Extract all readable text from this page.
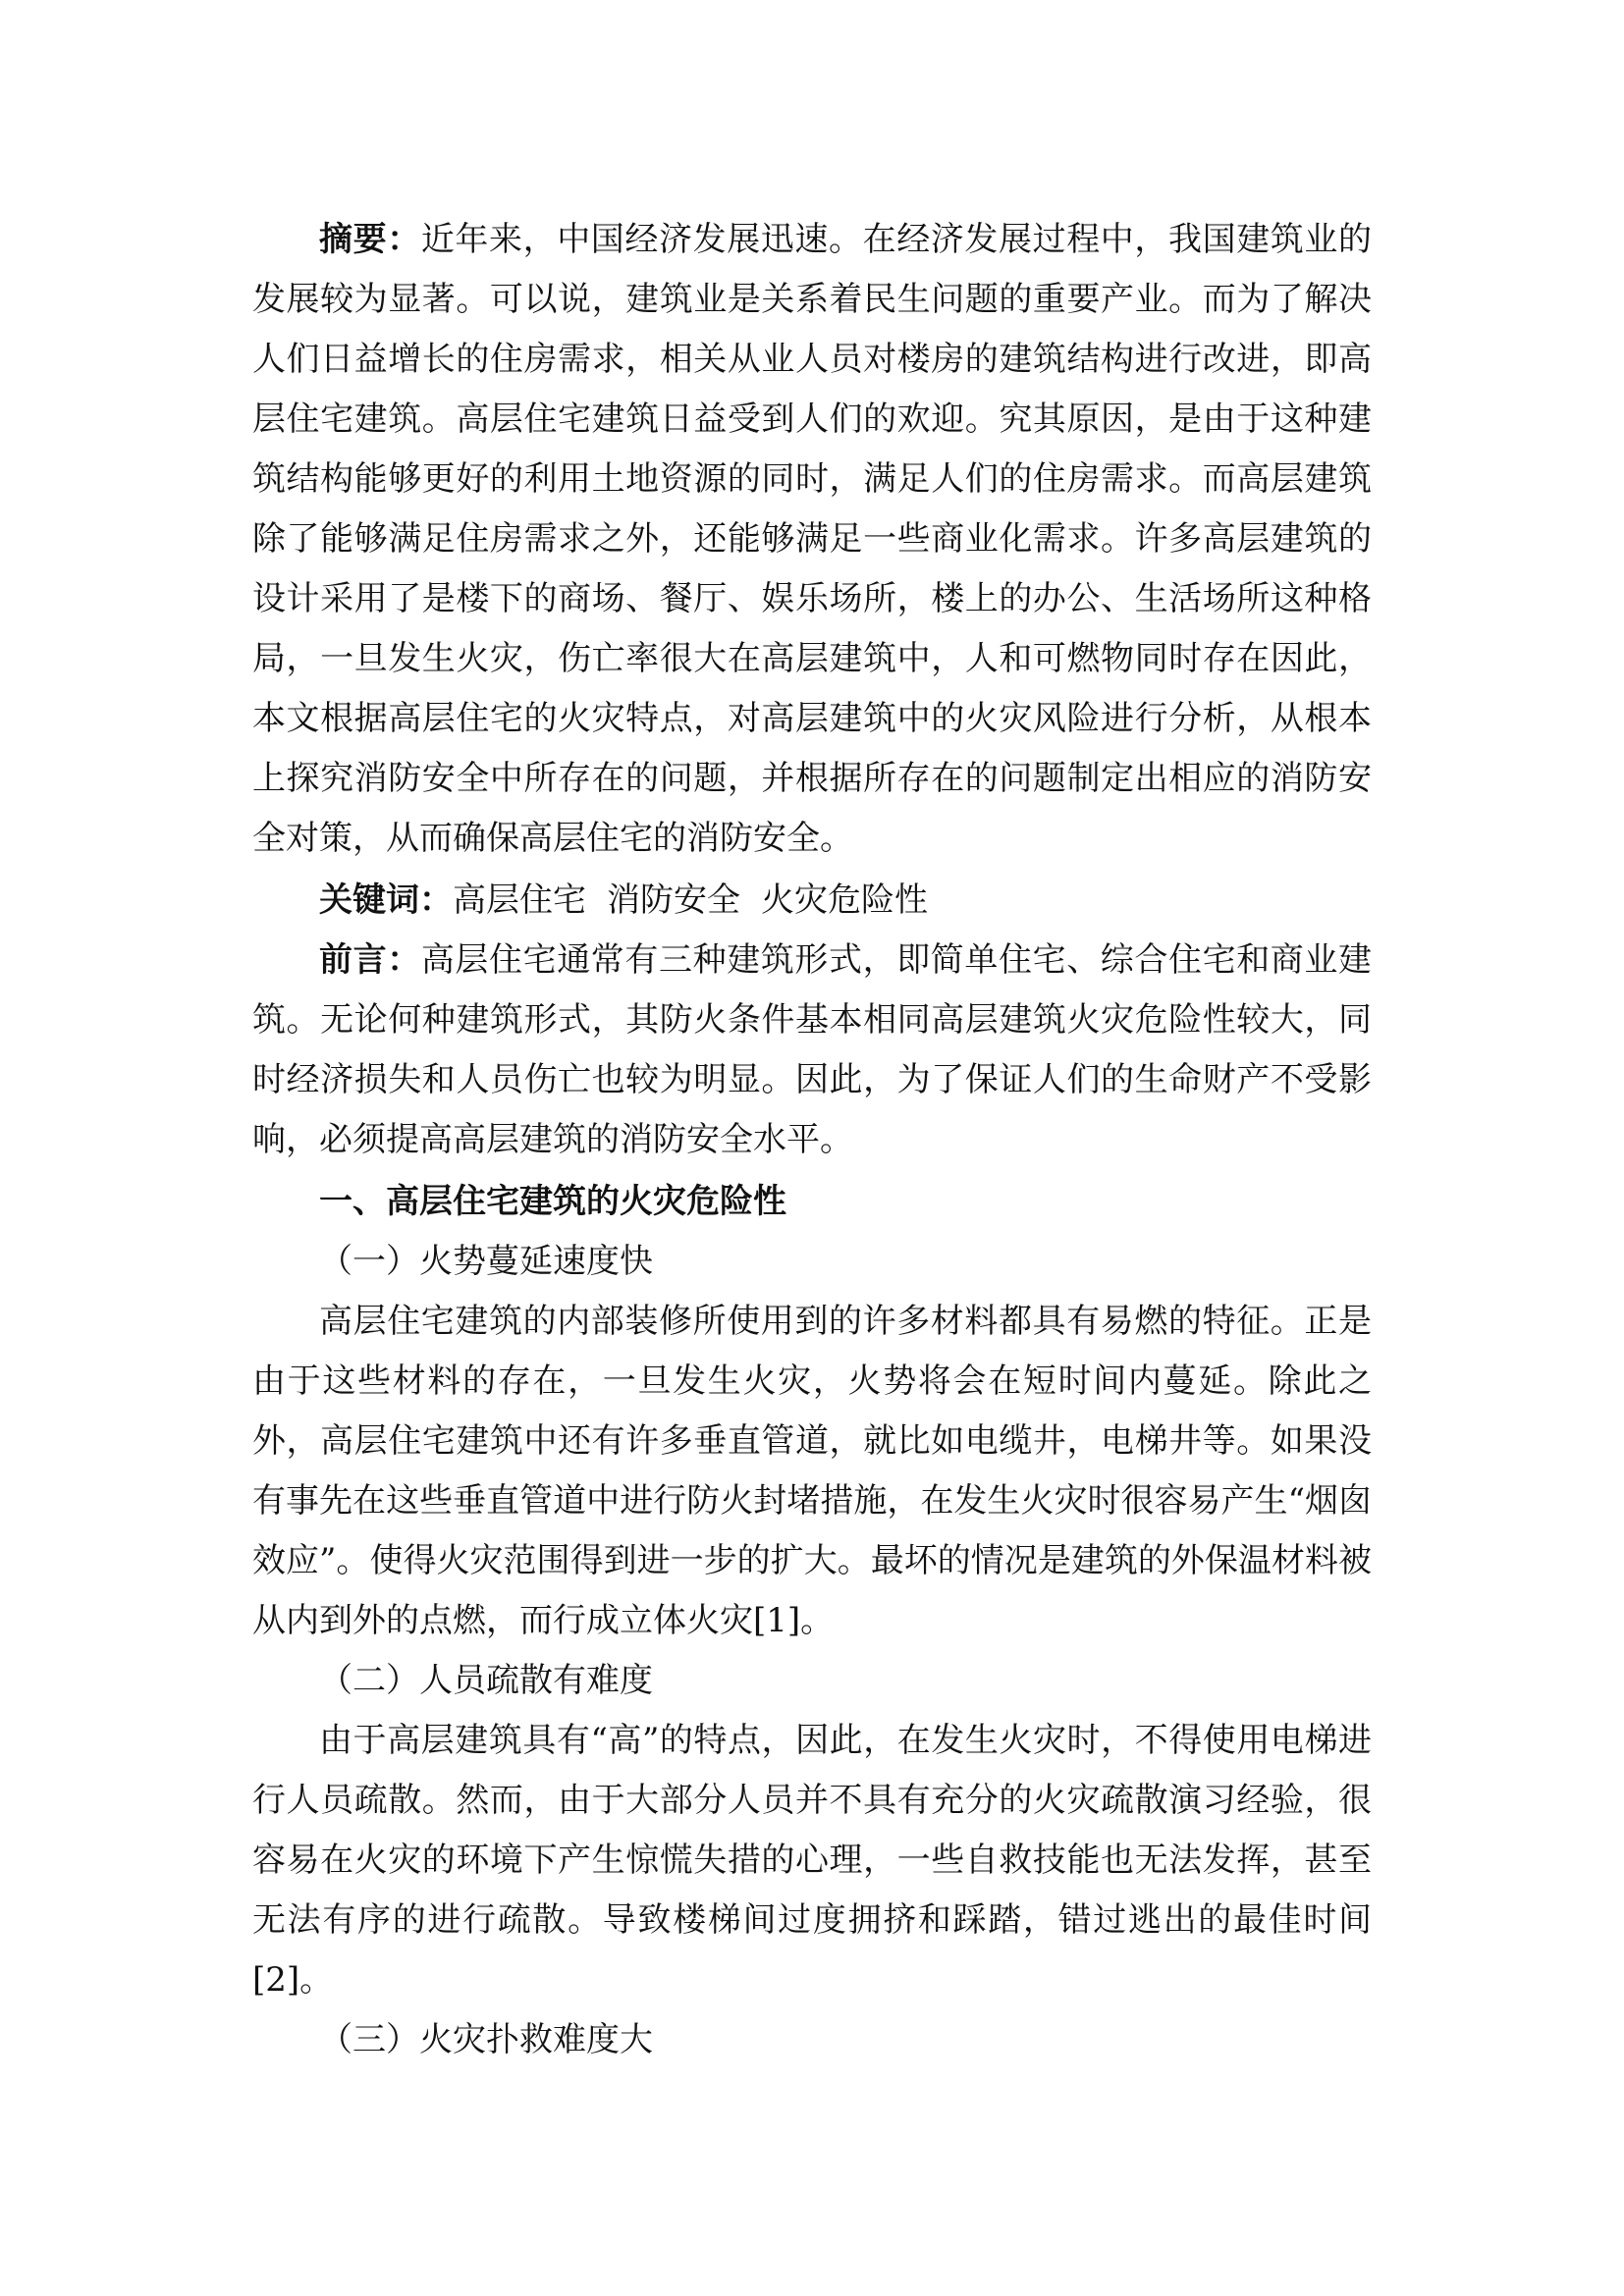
摘要：近年来，中国经济发展迅速。在经济发展过程中，我国建筑业的发展较为显著。可以说，建筑业是关系着民生问题的重要产业。而为了解决人们日益增长的住房需求，相关从业人员对楼房的建筑结构进行改进，即高层住宅建筑。高层住宅建筑日益受到人们的欢迎。究其原因，是由于这种建筑结构能够更好的利用土地资源的同时，满足人们的住房需求。而高层建筑除了能够满足住房需求之外，还能够满足一些商业化需求。许多高层建筑的设计采用了是楼下的商场、餐厅、娱乐场所，楼上的办公、生活场所这种格局，一旦发生火灾，伤亡率很大在高层建筑中，人和可燃物同时存在因此，本文根据高层住宅的火灾特点，对高层建筑中的火灾风险进行分析，从根本上探究消防安全中所存在的问题，并根据所存在的问题制定出相应的消防安全对策，从而确保高层住宅的消防安全。

关键词：高层住宅 消防安全 火灾危险性

前言：高层住宅通常有三种建筑形式，即简单住宅、综合住宅和商业建筑。无论何种建筑形式，其防火条件基本相同高层建筑火灾危险性较大，同时经济损失和人员伤亡也较为明显。因此，为了保证人们的生命财产不受影响，必须提高高层建筑的消防安全水平。

一、高层住宅建筑的火灾危险性
（一）火势蔓延速度快

高层住宅建筑的内部装修所使用到的许多材料都具有易燃的特征。正是由于这些材料的存在，一旦发生火灾，火势将会在短时间内蔓延。除此之外，高层住宅建筑中还有许多垂直管道，就比如电缆井，电梯井等。如果没有事先在这些垂直管道中进行防火封堵措施，在发生火灾时很容易产生“烟囱效应”。使得火灾范围得到进一步的扩大。最坏的情况是建筑的外保温材料被从内到外的点燃，而行成立体火灾[1]。

（二）人员疏散有难度

由于高层建筑具有“高”的特点，因此，在发生火灾时，不得使用电梯进行人员疏散。然而，由于大部分人员并不具有充分的火灾疏散演习经验，很容易在火灾的环境下产生惊慌失措的心理，一些自救技能也无法发挥，甚至无法有序的进行疏散。导致楼梯间过度拥挤和踩踏，错过逃出的最佳时间[2]。

（三）火灾扑救难度大
